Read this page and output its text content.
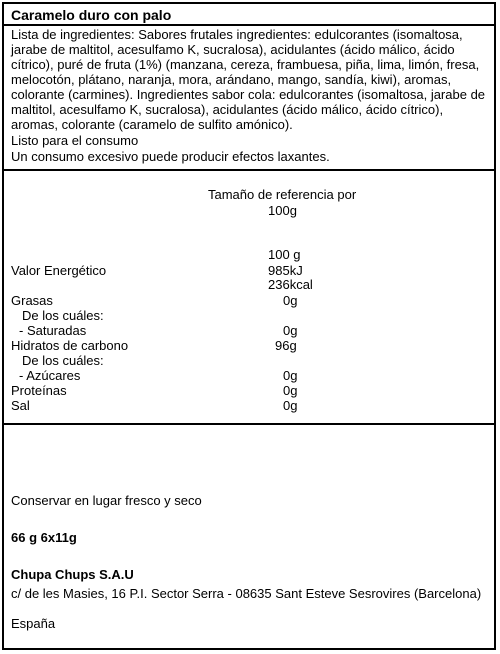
Caramelo duro con palo
Lista de ingredientes: Sabores frutales ingredientes: edulcorantes (isomaltosa, jarabe de maltitol, acesulfamo K, sucralosa), acidulantes (ácido málico, ácido cítrico), puré de fruta (1%) (manzana, cereza, frambuesa, piña, lima, limón, fresa, melocotón, plátano, naranja, mora, arándano, mango, sandía, kiwi), aromas, colorante (carmines). Ingredientes sabor cola: edulcorantes (isomaltosa, jarabe de maltitol, acesulfamo K, sucralosa), acidulantes (ácido málico, ácido cítrico), aromas, colorante (caramelo de sulfito amónico).
Listo para el consumo
Un consumo excesivo puede producir efectos laxantes.
Tamaño de referencia por
100g
100 g
Valor Energético	985kJ
236kcal
Grasas	0g
De los cuáles:
- Saturadas	0g
Hidratos de carbono	96g
De los cuáles:
- Azúcares	0g
Proteínas	0g
Sal	0g
Conservar en lugar fresco y seco
66 g 6x11g
Chupa Chups S.A.U
c/ de les Masies, 16 P.I. Sector Serra - 08635 Sant Esteve Sesrovires (Barcelona)
España
